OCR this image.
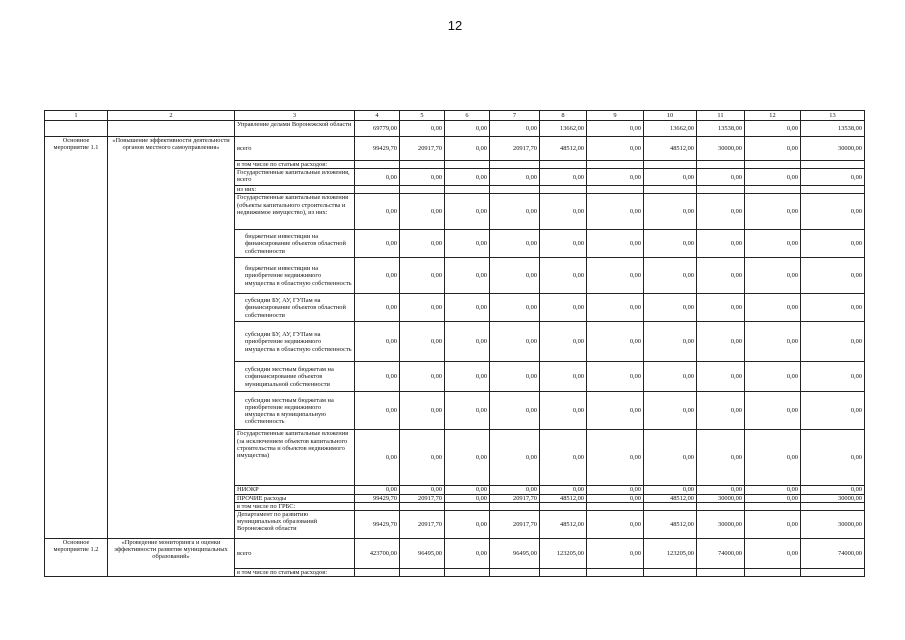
12
1	2	3	4	5	6	7	8	9	10	11	12	13
		Управление делами Воронежской области	69779,00	0,00	0,00	0,00	13662,00	0,00	13662,00	13538,00	0,00	13538,00
Основное мероприятие 1.1	«Повышение эффективности деятельности органов местного самоуправления»	всего	99429,70	20917,70	0,00	20917,70	48512,00	0,00	48512,00	30000,00	0,00	30000,00
		в том числе по статьям расходов:										
		Государственные капитальные вложения, всего	0,00	0,00	0,00	0,00	0,00	0,00	0,00	0,00	0,00	0,00
		из них:										
		Государственные капитальные вложения (объекты капитального строительства и недвижимое имущество), из них:	0,00	0,00	0,00	0,00	0,00	0,00	0,00	0,00	0,00	0,00
		бюджетные инвестиции на финансирование объектов областной собственности	0,00	0,00	0,00	0,00	0,00	0,00	0,00	0,00	0,00	0,00
		бюджетные инвестиции на приобретение недвижимого имущества в областную собственность	0,00	0,00	0,00	0,00	0,00	0,00	0,00	0,00	0,00	0,00
		субсидии БУ, АУ, ГУПам на финансирование объектов областной собственности	0,00	0,00	0,00	0,00	0,00	0,00	0,00	0,00	0,00	0,00
		субсидии БУ, АУ, ГУПам на приобретение недвижимого имущества в областную собственность	0,00	0,00	0,00	0,00	0,00	0,00	0,00	0,00	0,00	0,00
		субсидии местным бюджетам на софинансирование объектов муниципальной собственности	0,00	0,00	0,00	0,00	0,00	0,00	0,00	0,00	0,00	0,00
		субсидии местным бюджетам на приобретение недвижимого имущества в муниципальную собственность	0,00	0,00	0,00	0,00	0,00	0,00	0,00	0,00	0,00	0,00
		Государственные капитальные вложения (за исключением объектов капитального строительства и объектов недвижимого имущества)	0,00	0,00	0,00	0,00	0,00	0,00	0,00	0,00	0,00	0,00
		НИОКР	0,00	0,00	0,00	0,00	0,00	0,00	0,00	0,00	0,00	0,00
		ПРОЧИЕ расходы	99429,70	20917,70	0,00	20917,70	48512,00	0,00	48512,00	30000,00	0,00	30000,00
		в том числе по ГРБС:										
		Департамент по развитию муниципальных образований Воронежской области	99429,70	20917,70	0,00	20917,70	48512,00	0,00	48512,00	30000,00	0,00	30000,00
Основное мероприятие 1.2	«Проведение мониторинга и оценки эффективности развития муниципальных образований»	всего	423700,00	96495,00	0,00	96495,00	123205,00	0,00	123205,00	74000,00	0,00	74000,00
		в том числе по статьям расходов:										
